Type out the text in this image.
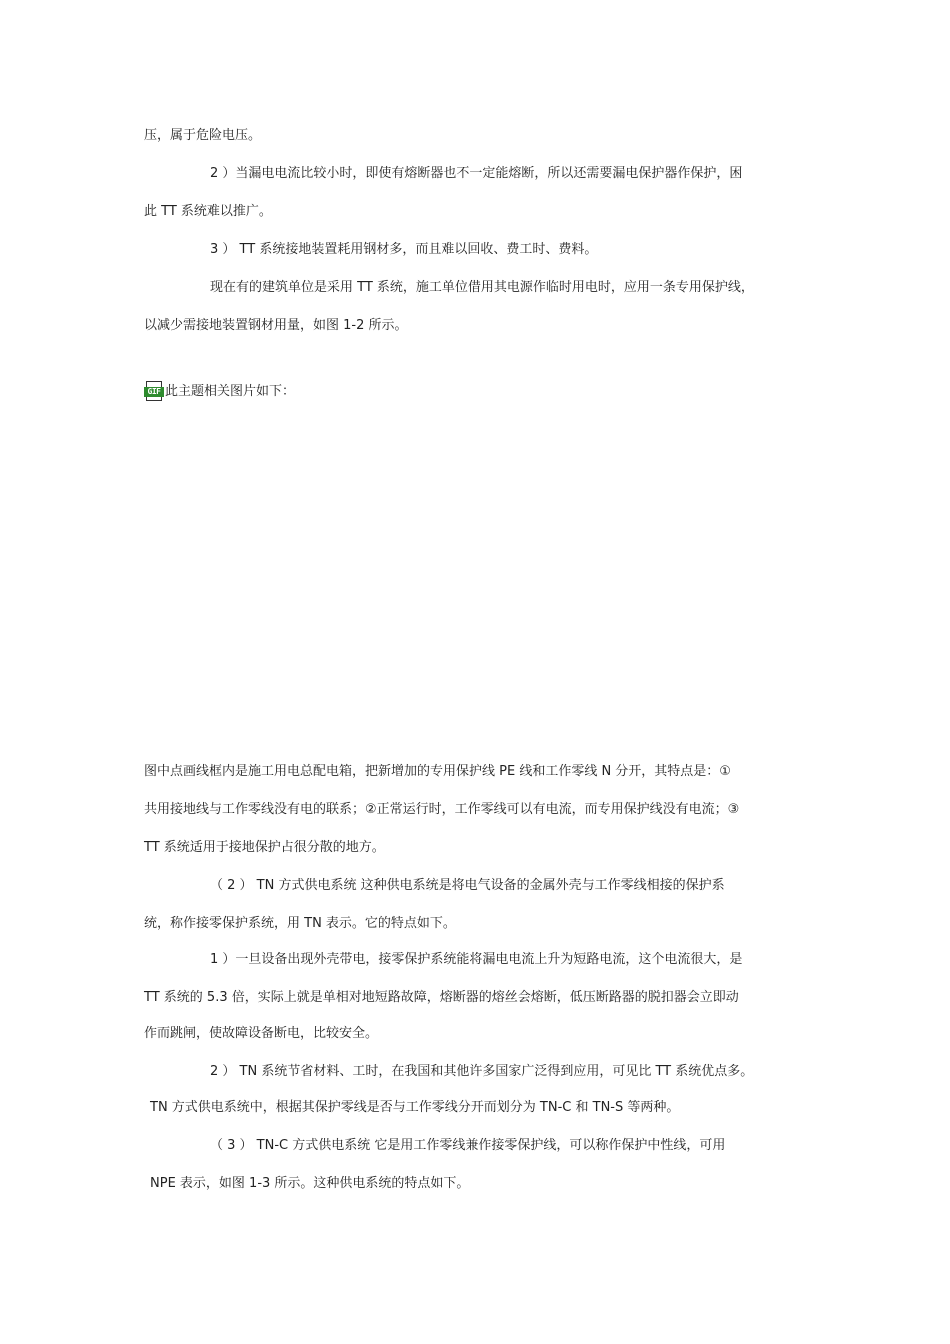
压，属于危险电压。
2 ）当漏电电流比较小时，即使有熔断器也不一定能熔断，所以还需要漏电保护器作保护，困
此 TT 系统难以推广。
3 ） TT 系统接地装置耗用钢材多，而且难以回收、费工时、费料。
现在有的建筑单位是采用 TT 系统，施工单位借用其电源作临时用电时，应用一条专用保护线，
以减少需接地装置钢材用量，如图 1-2 所示。
GIF 此主题相关图片如下：
图中点画线框内是施工用电总配电箱，把新增加的专用保护线 PE 线和工作零线 N 分开，其特点是：①
共用接地线与工作零线没有电的联系；②正常运行时，工作零线可以有电流，而专用保护线没有电流；③
TT 系统适用于接地保护占很分散的地方。
（ 2 ） TN 方式供电系统 这种供电系统是将电气设备的金属外壳与工作零线相接的保护系
统，称作接零保护系统，用 TN 表示。它的特点如下。
1 ）一旦设备出现外壳带电，接零保护系统能将漏电电流上升为短路电流，这个电流很大，是
TT 系统的 5.3 倍，实际上就是单相对地短路故障，熔断器的熔丝会熔断，低压断路器的脱扣器会立即动
作而跳闸，使故障设备断电，比较安全。
2 ） TN 系统节省材料、工时，在我国和其他许多国家广泛得到应用，可见比 TT 系统优点多。
TN 方式供电系统中，根据其保护零线是否与工作零线分开而划分为 TN-C 和 TN-S 等两种。
（ 3 ） TN-C 方式供电系统 它是用工作零线兼作接零保护线，可以称作保护中性线，可用
NPE 表示，如图 1-3 所示。这种供电系统的特点如下。
